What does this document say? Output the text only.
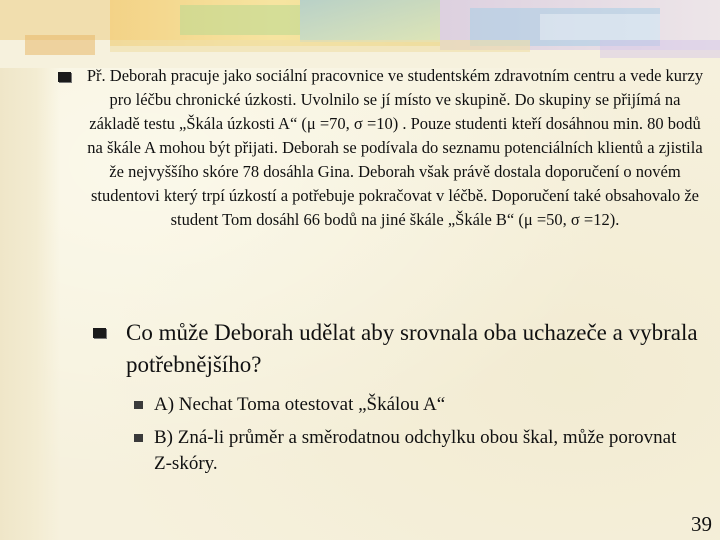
Př. Deborah pracuje jako sociální pracovnice ve studentském zdravotním centru a vede kurzy pro léčbu chronické úzkosti. Uvolnilo se jí místo ve skupině. Do skupiny se přijímá na základě testu „Škála úzkosti A“ (μ =70, σ =10) . Pouze studenti kteří dosáhnou min. 80 bodů na škále A mohou být přijati. Deborah se podívala do seznamu potenciálních klientů a zjistila že nejvyššího skóre 78 dosáhla Gina. Deborah však právě dostala doporučení o novém studentovi který trpí úzkostí a potřebuje pokračovat v léčbě. Doporučení také obsahovalo že student Tom dosáhl 66 bodů na jiné škále „Škále B“ (μ =50, σ =12).
Co může Deborah udělat aby srovnala oba uchazeče a vybrala potřebnějšího?
A) Nechat Toma otestovat „Škálou A“
B) Zná-li průměr a směrodatnou odchylku obou škal, může porovnat Z-skóry.
39
